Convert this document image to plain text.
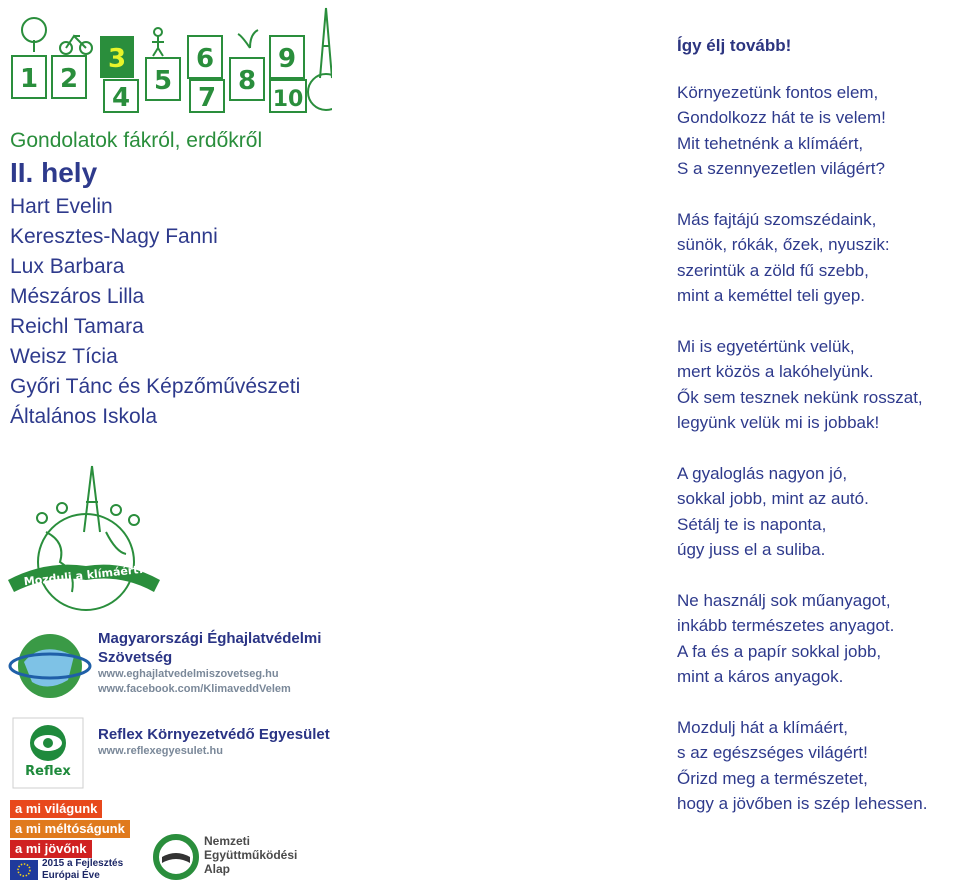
1 2
3
4
5
6
7
8
9
10
Gondolatok fákról, erdőkről
II. hely
Hart Evelin
Keresztes-Nagy Fanni
Lux Barbara
Mészáros Lilla
Reichl Tamara
Weisz Tícia
Győri Tánc és Képzőművészeti
Általános Iskola
Mozdulj a klímáért!
Magyarországi Éghajlatvédelmi
Szövetség
www.eghajlatvedelmiszovetseg.hu
www.facebook.com/KlimaveddVelem
Reflex
Reflex Környezetvédő Egyesület
www.reflexegyesulet.hu
a mi világunk
a mi méltóságunk
a mi jövőnk
2015 a Fejlesztés
Európai Éve
Nemzeti
Együttműködési
Alap
Így élj tovább!
Környezetünk fontos elem,
Gondolkozz hát te is velem!
Mit tehetnénk a klímáért,
S a szennyezetlen világért?
Más fajtájú szomszédaink,
sünök, rókák, őzek, nyuszik:
szerintük a zöld fű szebb,
mint a keméttel teli gyep.
Mi is egyetértünk velük,
mert közös a lakóhelyünk.
Ők sem tesznek nekünk rosszat,
legyünk velük mi is jobbak!
A gyaloglás nagyon jó,
sokkal jobb, mint az autó.
Sétálj te is naponta,
úgy juss el a suliba.
Ne használj sok műanyagot,
inkább természetes anyagot.
A fa és a papír sokkal jobb,
mint a káros anyagok.
Mozdulj hát a klímáért,
s az egészséges világért!
Őrizd meg a természetet,
hogy a jövőben is szép lehessen.
